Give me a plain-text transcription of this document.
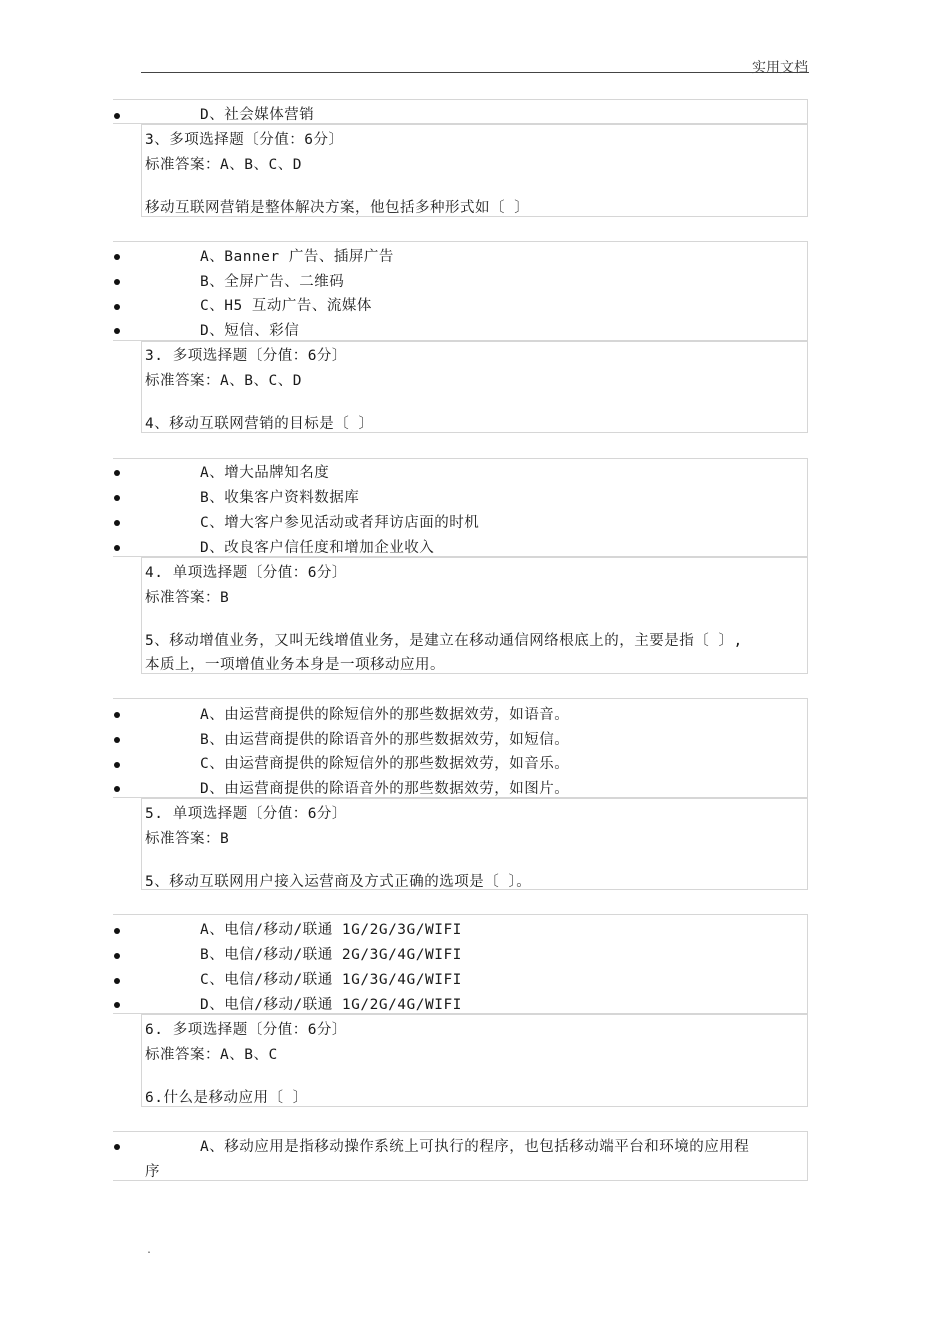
实用文档
D、社会媒体营销
3、多项选择题〔分值：6分〕
标准答案：A、B、C、D
移动互联网营销是整体解决方案，他包括多种形式如〔 〕
A、Banner 广告、插屏广告
B、全屏广告、二维码
C、H5 互动广告、流媒体
D、短信、彩信
3. 多项选择题〔分值：6分〕
标准答案：A、B、C、D
4、移动互联网营销的目标是〔 〕
A、增大品牌知名度
B、收集客户资料数据库
C、增大客户参见活动或者拜访店面的时机
D、改良客户信任度和增加企业收入
4. 单项选择题〔分值：6分〕
标准答案：B
5、移动增值业务，又叫无线增值业务，是建立在移动通信网络根底上的，主要是指〔 〕,
本质上，一项增值业务本身是一项移动应用。
A、由运营商提供的除短信外的那些数据效劳，如语音。
B、由运营商提供的除语音外的那些数据效劳，如短信。
C、由运营商提供的除短信外的那些数据效劳，如音乐。
D、由运营商提供的除语音外的那些数据效劳，如图片。
5. 单项选择题〔分值：6分〕
标准答案：B
5、移动互联网用户接入运营商及方式正确的选项是〔 〕。
A、电信/移动/联通 1G/2G/3G/WIFI
B、电信/移动/联通 2G/3G/4G/WIFI
C、电信/移动/联通 1G/3G/4G/WIFI
D、电信/移动/联通 1G/2G/4G/WIFI
6. 多项选择题〔分值：6分〕
标准答案：A、B、C
6.什么是移动应用〔 〕
A、移动应用是指移动操作系统上可执行的程序，也包括移动端平台和环境的应用程
序
.
